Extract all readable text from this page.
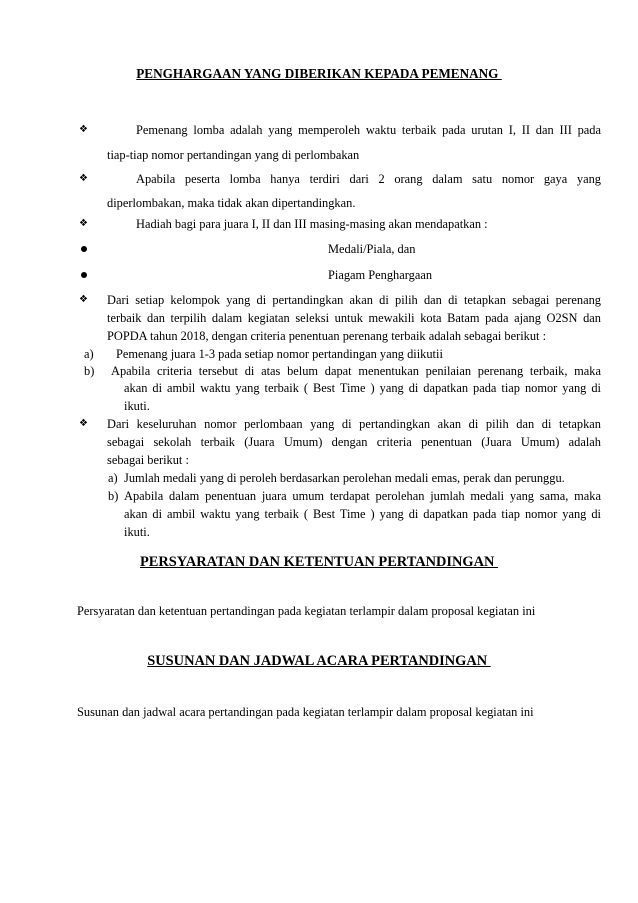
PENGHARGAAN YANG DIBERIKAN KEPADA PEMENANG
❖	Pemenang lomba adalah yang memperoleh waktu terbaik pada urutan I, II dan III pada
tiap-tiap nomor pertandingan yang di perlombakan
❖	Apabila peserta lomba hanya terdiri dari 2 orang dalam satu nomor gaya yang
diperlombakan, maka tidak akan dipertandingkan.
❖	Hadiah bagi para juara I, II dan III masing-masing akan mendapatkan :
Medali/Piala, dan
Piagam Penghargaan
❖ Dari setiap kelompok yang di pertandingkan akan di pilih dan di tetapkan sebagai perenang
terbaik dan terpilih dalam kegiatan seleksi untuk mewakili kota Batam pada ajang O2SN dan
POPDA tahun 2018, dengan criteria penentuan perenang terbaik adalah sebagai berikut :
a) Pemenang juara 1-3 pada setiap nomor pertandingan yang diikutii
b) Apabila criteria tersebut di atas belum dapat menentukan penilaian perenang terbaik, maka
akan di ambil waktu yang terbaik ( Best Time ) yang di dapatkan pada tiap nomor yang di
ikuti.
❖ Dari keseluruhan nomor perlombaan yang di pertandingkan akan di pilih dan di tetapkan
sebagai sekolah terbaik (Juara Umum) dengan criteria penentuan (Juara Umum) adalah
sebagai berikut :
a) Jumlah medali yang di peroleh berdasarkan perolehan medali emas, perak dan perunggu.
b) Apabila dalam penentuan juara umum terdapat perolehan jumlah medali yang sama, maka
akan di ambil waktu yang terbaik ( Best Time ) yang di dapatkan pada tiap nomor yang di
ikuti.
PERSYARATAN DAN KETENTUAN PERTANDINGAN
Persyaratan dan ketentuan pertandingan pada kegiatan terlampir dalam proposal kegiatan ini
SUSUNAN DAN JADWAL ACARA PERTANDINGAN
Susunan dan jadwal acara pertandingan pada kegiatan terlampir dalam proposal kegiatan ini
